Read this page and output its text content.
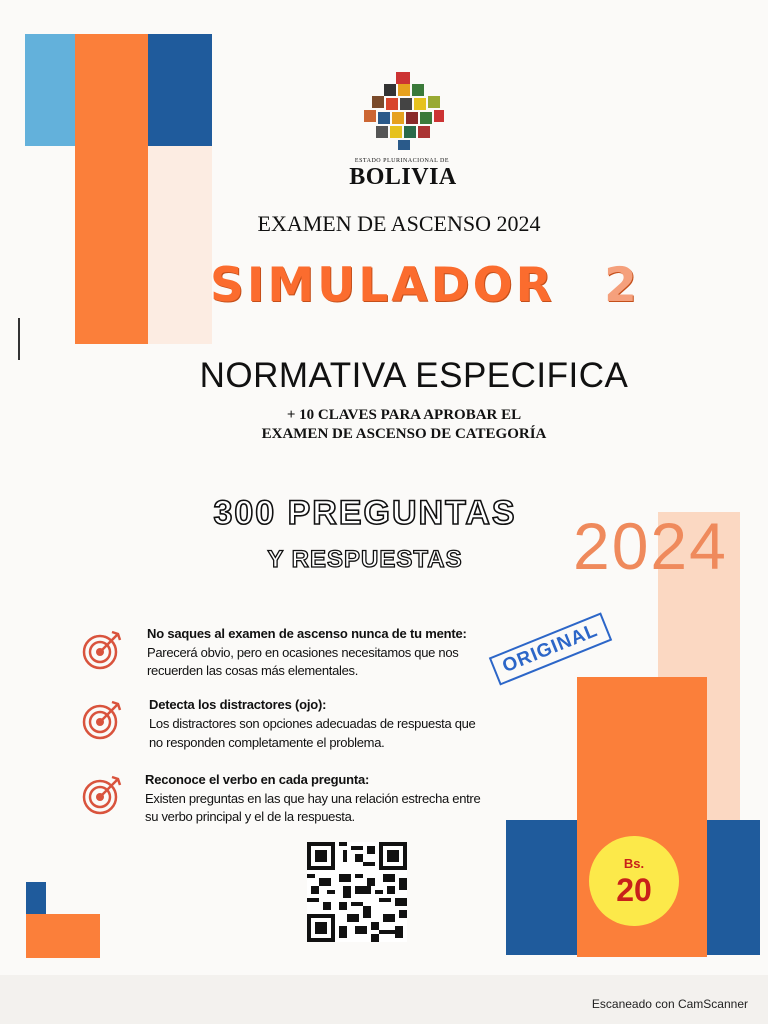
ESTADO PLURINACIONAL DE
BOLIVIA
EXAMEN DE ASCENSO 2024
SIMULADOR 2
NORMATIVA ESPECIFICA
+ 10 CLAVES PARA APROBAR EL
EXAMEN DE ASCENSO DE CATEGORÍA
300 PREGUNTAS
Y RESPUESTAS	2024
ORIGINAL
No saques al examen de ascenso nunca de tu mente:
Parecerá obvio, pero en ocasiones necesitamos que nos
recuerden las cosas más elementales.
Detecta los distractores (ojo):
Los distractores son opciones adecuadas de respuesta que
no responden completamente el problema.
Reconoce el verbo en cada pregunta:
Existen preguntas en las que hay una relación estrecha entre
su verbo principal y el de la respuesta.
Bs.
20
Escaneado con CamScanner
